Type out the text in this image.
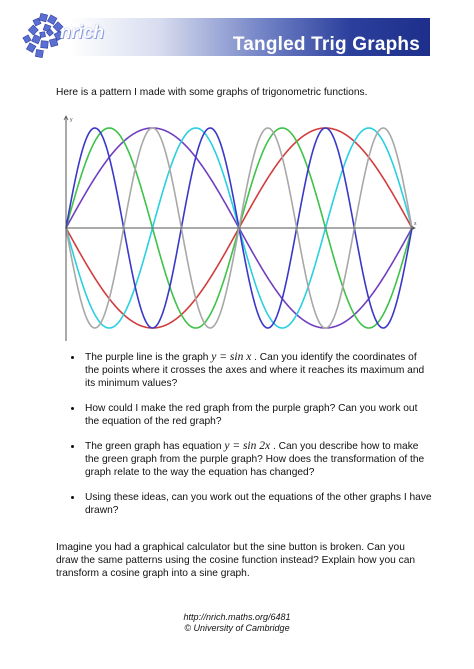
Tangled Trig Graphs
nrich
Here is a pattern I made with some graphs of trigonometric functions.
y
x
• The purple line is the graph y = sin x . Can you identify the coordinates of the points where it crosses the axes and where it reaches its maximum and its minimum values?
• How could I make the red graph from the purple graph? Can you work out the equation of the red graph?
• The green graph has equation y = sin 2x . Can you describe how to make the green graph from the purple graph? How does the transformation of the graph relate to the way the equation has changed?
• Using these ideas, can you work out the equations of the other graphs I have drawn?
Imagine you had a graphical calculator but the sine button is broken. Can you draw the same patterns using the cosine function instead? Explain how you can transform a cosine graph into a sine graph.
http://nrich.maths.org/6481
© University of Cambridge
